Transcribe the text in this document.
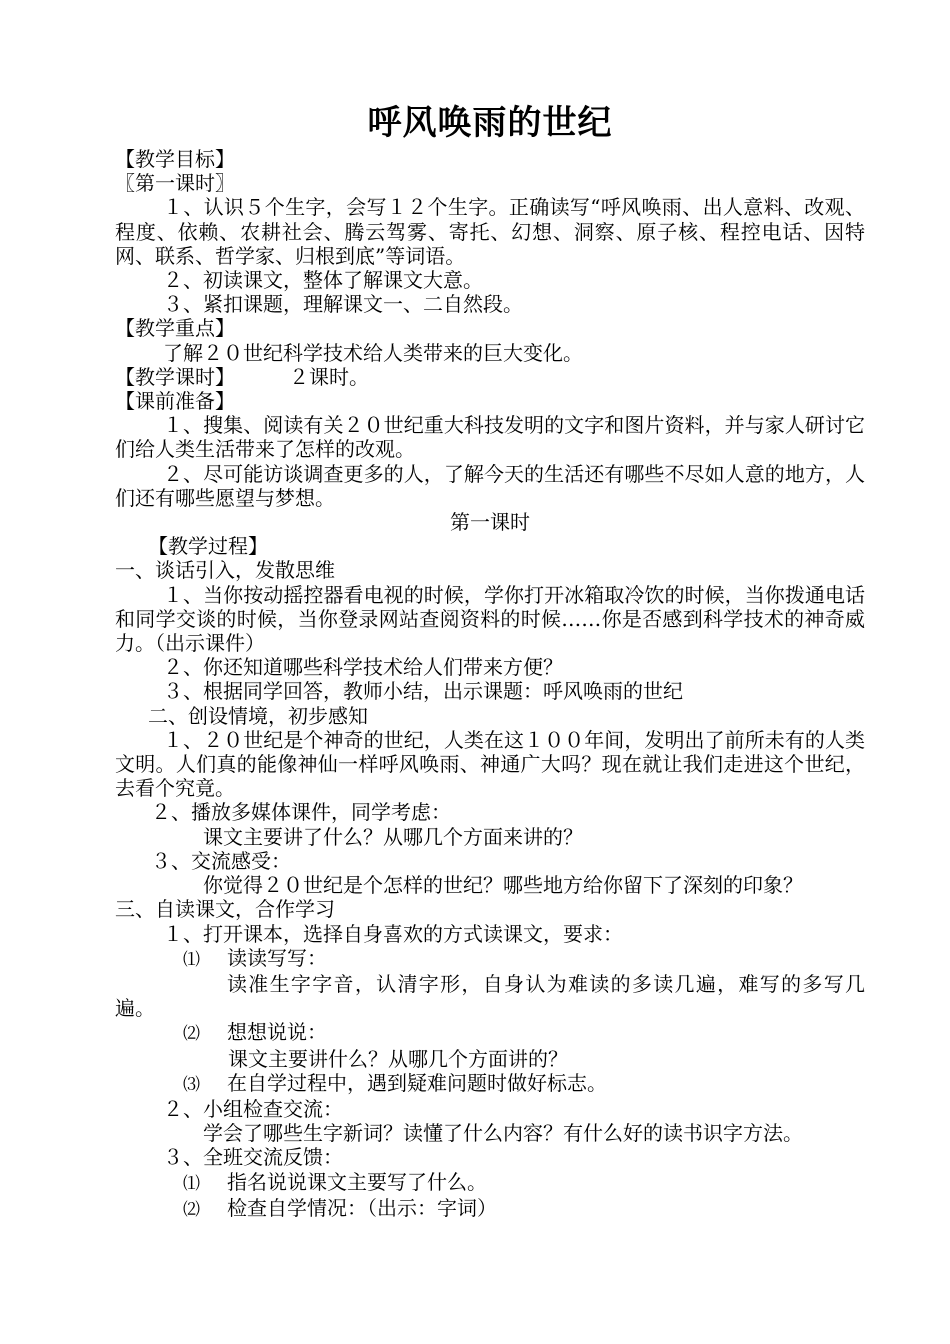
呼风唤雨的世纪

【教学目标】

〖第一课时〗

１、认识５个生字，会写１２个生字。正确读写“呼风唤雨、出人意料、改观、程度、依赖、农耕社会、腾云驾雾、寄托、幻想、洞察、原子核、程控电话、因特网、联系、哲学家、归根到底”等词语。

２、初读课文，整体了解课文大意。

３、紧扣课题，理解课文一、二自然段。

【教学重点】

了解２０世纪科学技术给人类带来的巨大变化。

【教学课时】	２课时。

【课前准备】

１、搜集、阅读有关２０世纪重大科技发明的文字和图片资料，并与家人研讨它们给人类生活带来了怎样的改观。

２、尽可能访谈调查更多的人，了解今天的生活还有哪些不尽如人意的地方，人们还有哪些愿望与梦想。

第一课时

【教学过程】

一、谈话引入，发散思维

１、当你按动摇控器看电视的时候，学你打开冰箱取冷饮的时候，当你拨通电话和同学交谈的时候，当你登录网站查阅资料的时候……你是否感到科学技术的神奇威力。（出示课件）

２、你还知道哪些科学技术给人们带来方便？

３、根据同学回答，教师小结，出示课题：呼风唤雨的世纪

二、创设情境，初步感知

１、２０世纪是个神奇的世纪，人类在这１００年间，发明出了前所未有的人类文明。人们真的能像神仙一样呼风唤雨、神通广大吗？现在就让我们走进这个世纪，去看个究竟。

２、播放多媒体课件，同学考虑：

课文主要讲了什么？从哪几个方面来讲的？

３、交流感受：

你觉得２０世纪是个怎样的世纪？哪些地方给你留下了深刻的印象？

三、自读课文，合作学习

１、打开课本，选择自身喜欢的方式读课文，要求：

⑴ 读读写写：

读准生字字音，认清字形，自身认为难读的多读几遍，难写的多写几遍。

⑵ 想想说说：

课文主要讲什么？从哪几个方面讲的？

⑶ 在自学过程中，遇到疑难问题时做好标志。

２、小组检查交流：

学会了哪些生字新词？读懂了什么内容？有什么好的读书识字方法。

３、全班交流反馈：

⑴ 指名说说课文主要写了什么。

⑵ 检查自学情况：（出示：字词）
